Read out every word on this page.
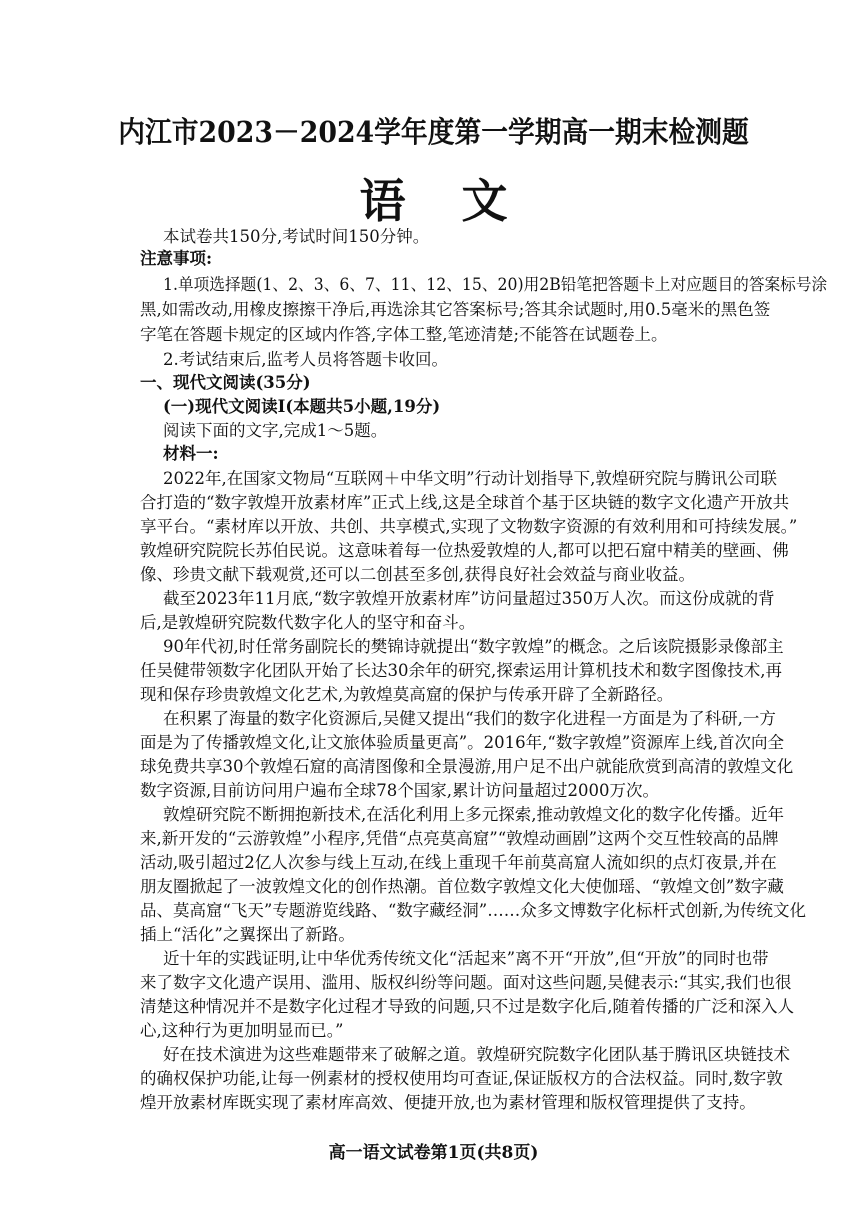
内江市2023－2024学年度第一学期高一期末检测题
语文
本试卷共150分,考试时间150分钟。
注意事项:
1.单项选择题(1、2、3、6、7、11、12、15、20)用2B铅笔把答题卡上对应题目的答案标号涂
黑,如需改动,用橡皮擦擦干净后,再选涂其它答案标号;答其余试题时,用0.5毫米的黑色签
字笔在答题卡规定的区域内作答,字体工整,笔迹清楚;不能答在试题卷上。
2.考试结束后,监考人员将答题卡收回。
一、现代文阅读(35分)
(一)现代文阅读Ⅰ(本题共5小题,19分)
阅读下面的文字,完成1～5题。
材料一:
2022年,在国家文物局“互联网＋中华文明”行动计划指导下,敦煌研究院与腾讯公司联
合打造的“数字敦煌开放素材库”正式上线,这是全球首个基于区块链的数字文化遗产开放共
享平台。“素材库以开放、共创、共享模式,实现了文物数字资源的有效利用和可持续发展。”
敦煌研究院院长苏伯民说。这意味着每一位热爱敦煌的人,都可以把石窟中精美的壁画、佛
像、珍贵文献下载观赏,还可以二创甚至多创,获得良好社会效益与商业收益。
截至2023年11月底,“数字敦煌开放素材库”访问量超过350万人次。而这份成就的背
后,是敦煌研究院数代数字化人的坚守和奋斗。
90年代初,时任常务副院长的樊锦诗就提出“数字敦煌”的概念。之后该院摄影录像部主
任吴健带领数字化团队开始了长达30余年的研究,探索运用计算机技术和数字图像技术,再
现和保存珍贵敦煌文化艺术,为敦煌莫高窟的保护与传承开辟了全新路径。
在积累了海量的数字化资源后,吴健又提出“我们的数字化进程一方面是为了科研,一方
面是为了传播敦煌文化,让文旅体验质量更高”。2016年,“数字敦煌”资源库上线,首次向全
球免费共享30个敦煌石窟的高清图像和全景漫游,用户足不出户就能欣赏到高清的敦煌文化
数字资源,目前访问用户遍布全球78个国家,累计访问量超过2000万次。
敦煌研究院不断拥抱新技术,在活化利用上多元探索,推动敦煌文化的数字化传播。近年
来,新开发的“云游敦煌”小程序,凭借“点亮莫高窟”“敦煌动画剧”这两个交互性较高的品牌
活动,吸引超过2亿人次参与线上互动,在线上重现千年前莫高窟人流如织的点灯夜景,并在
朋友圈掀起了一波敦煌文化的创作热潮。首位数字敦煌文化大使伽瑶、“敦煌文创”数字藏
品、莫高窟“飞天”专题游览线路、“数字藏经洞”……众多文博数字化标杆式创新,为传统文化
插上“活化”之翼探出了新路。
近十年的实践证明,让中华优秀传统文化“活起来”离不开“开放”,但“开放”的同时也带
来了数字文化遗产误用、滥用、版权纠纷等问题。面对这些问题,吴健表示:“其实,我们也很
清楚这种情况并不是数字化过程才导致的问题,只不过是数字化后,随着传播的广泛和深入人
心,这种行为更加明显而已。”
好在技术演进为这些难题带来了破解之道。敦煌研究院数字化团队基于腾讯区块链技术
的确权保护功能,让每一例素材的授权使用均可查证,保证版权方的合法权益。同时,数字敦
煌开放素材库既实现了素材库高效、便捷开放,也为素材管理和版权管理提供了支持。
高一语文试卷第1页(共8页)
